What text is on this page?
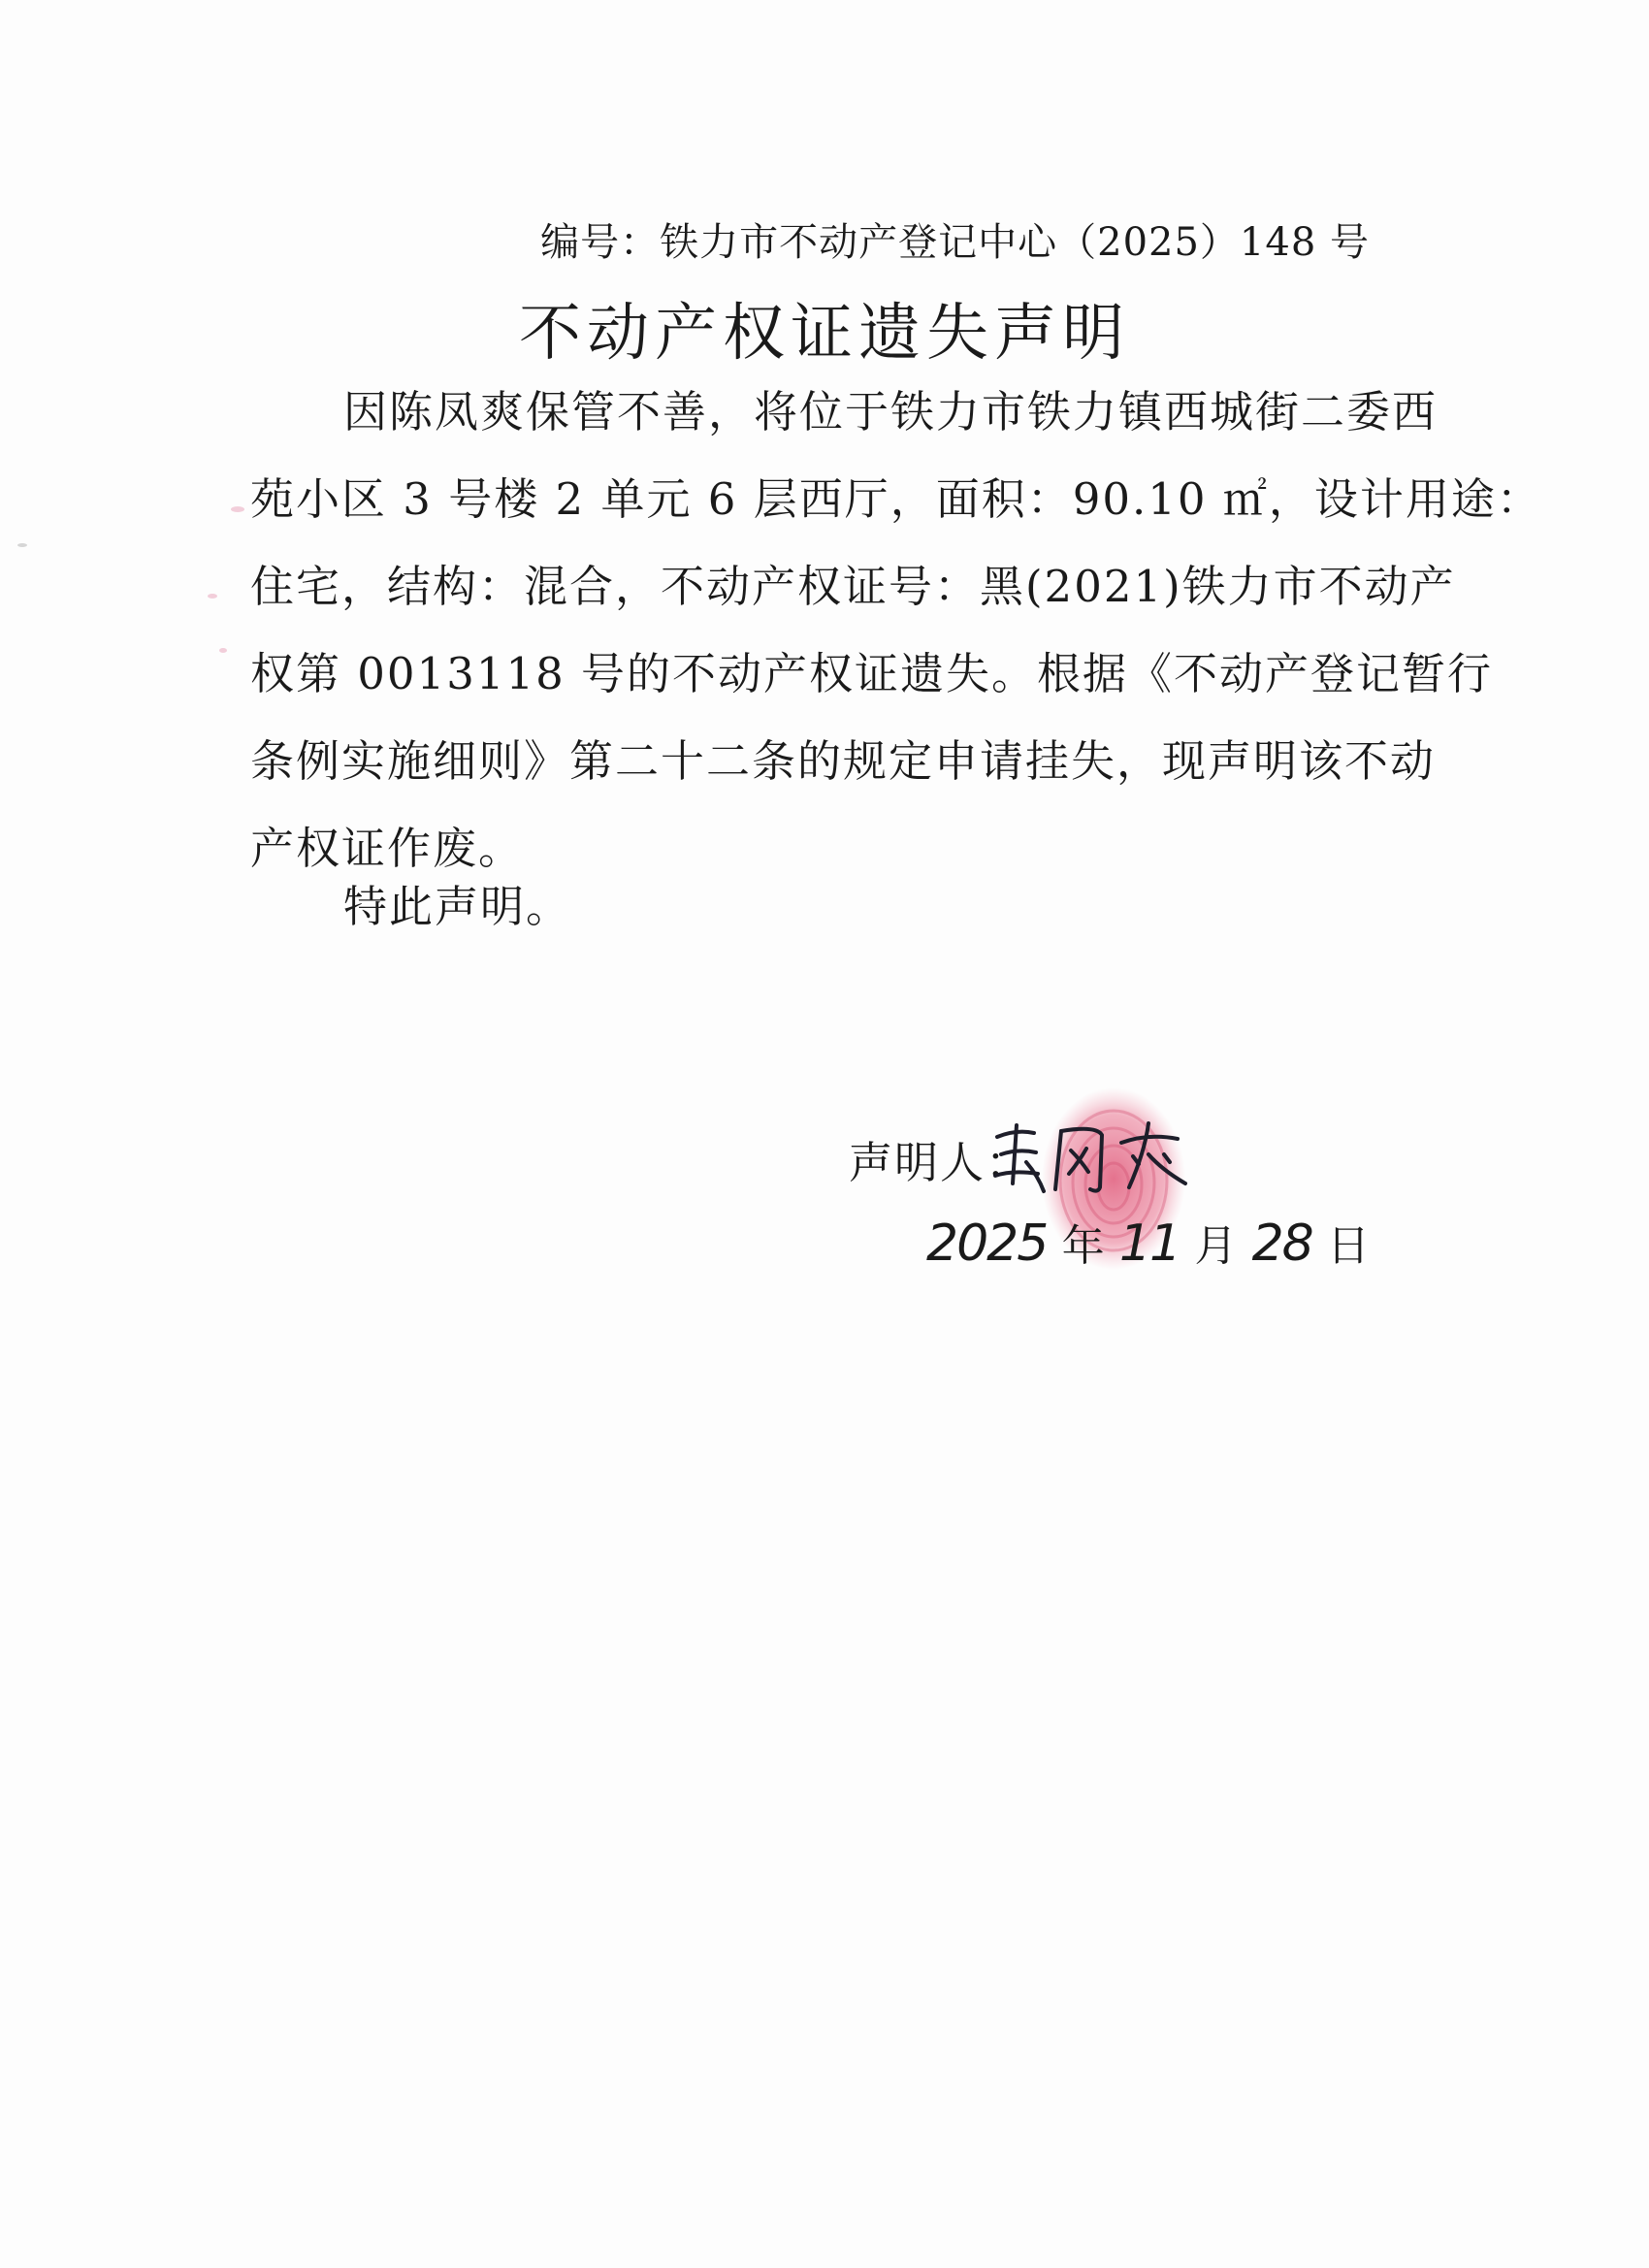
编号：铁力市不动产登记中心（2025）148 号
不动产权证遗失声明
因陈凤爽保管不善，将位于铁力市铁力镇西城街二委西
苑小区 3 号楼 2 单元 6 层西厅，面积：90.10 ㎡，设计用途：
住宅，结构：混合，不动产权证号：黑(2021)铁力市不动产
权第 0013118 号的不动产权证遗失。根据《不动产登记暂行
条例实施细则》第二十二条的规定申请挂失，现声明该不动
产权证作废。
特此声明。
声明人：
2025 年 11 月 28 日
